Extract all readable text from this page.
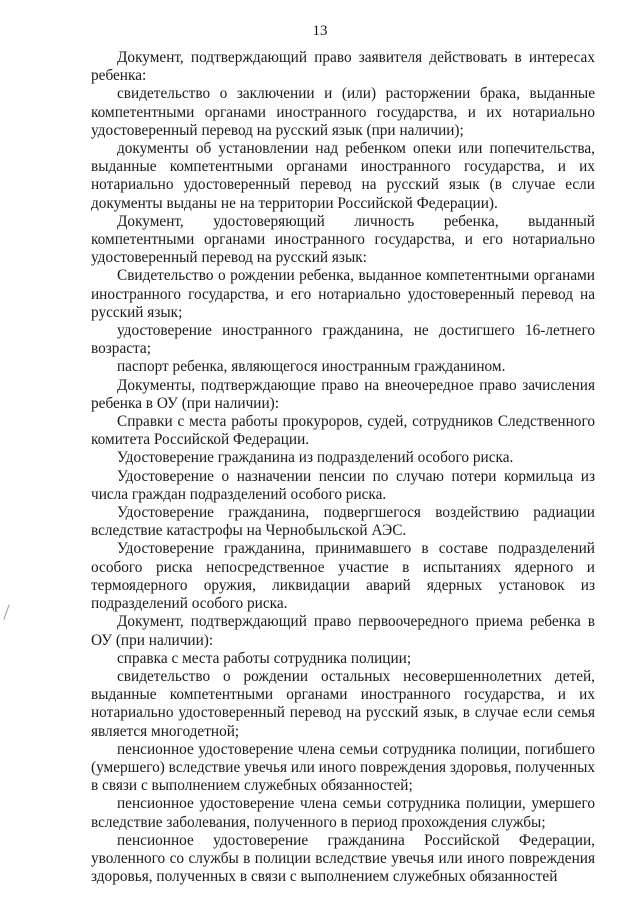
13

Документ, подтверждающий право заявителя действовать в интересах ребенка:

свидетельство о заключении и (или) расторжении брака, выданные компетентными органами иностранного государства, и их нотариально удостоверенный перевод на русский язык (при наличии);

документы об установлении над ребенком опеки или попечительства, выданные компетентными органами иностранного государства, и их нотариально удостоверенный перевод на русский язык (в случае если документы выданы не на территории Российской Федерации).

Документ, удостоверяющий личность ребенка, выданный компетентными органами иностранного государства, и его нотариально удостоверенный перевод на русский язык:

Свидетельство о рождении ребенка, выданное компетентными органами иностранного государства, и его нотариально удостоверенный перевод на русский язык;

удостоверение иностранного гражданина, не достигшего 16-летнего возраста;

паспорт ребенка, являющегося иностранным гражданином.

Документы, подтверждающие право на внеочередное право зачисления ребенка в ОУ (при наличии):

Справки с места работы прокуроров, судей, сотрудников Следственного комитета Российской Федерации.

Удостоверение гражданина из подразделений особого риска.

Удостоверение о назначении пенсии по случаю потери кормильца из числа граждан подразделений особого риска.

Удостоверение гражданина, подвергшегося воздействию радиации вследствие катастрофы на Чернобыльской АЭС.

Удостоверение гражданина, принимавшего в составе подразделений особого риска непосредственное участие в испытаниях ядерного и термоядерного оружия, ликвидации аварий ядерных установок из подразделений особого риска.

Документ, подтверждающий право первоочередного приема ребенка в ОУ (при наличии):

справка с места работы сотрудника полиции;

свидетельство о рождении остальных несовершеннолетних детей, выданные компетентными органами иностранного государства, и их нотариально удостоверенный перевод на русский язык, в случае если семья является многодетной;

пенсионное удостоверение члена семьи сотрудника полиции, погибшего (умершего) вследствие увечья или иного повреждения здоровья, полученных в связи с выполнением служебных обязанностей;

пенсионное удостоверение члена семьи сотрудника полиции, умершего вследствие заболевания, полученного в период прохождения службы;

пенсионное удостоверение гражданина Российской Федерации, уволенного со службы в полиции вследствие увечья или иного повреждения здоровья, полученных в связи с выполнением служебных обязанностей
